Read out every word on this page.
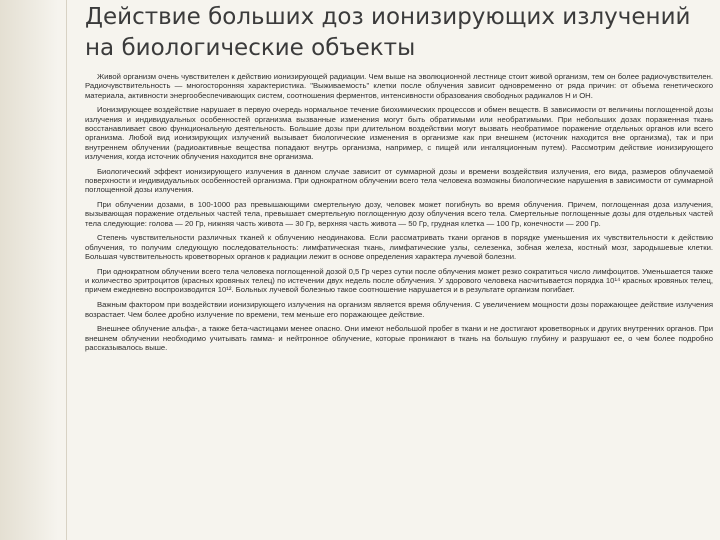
Действие больших доз ионизирующих излучений
на биологические объекты

Живой организм очень чувствителен к действию ионизирующей радиации. Чем выше на эволюционной лестнице стоит живой организм, тем он более радиочувствителен. Радиочувствительность — многосторонняя характеристика. "Выживаемость" клетки после облучения зависит одновременно от ряда причин: от объема генетического материала, активности энергообеспечивающих систем, соотношения ферментов, интенсивности образования свободных радикалов Н и ОН.

Ионизирующее воздействие нарушает в первую очередь нормальное течение биохимических процессов и обмен веществ. В зависимости от величины поглощенной дозы излучения и индивидуальных особенностей организма вызванные изменения могут быть обратимыми или необратимыми. При небольших дозах пораженная ткань восстанавливает свою функциональную деятельность. Большие дозы при длительном воздействии могут вызвать необратимое поражение отдельных органов или всего организма. Любой вид ионизирующих излучений вызывает биологические изменения в организме как при внешнем (источник находится вне организма), так и при внутреннем облучении (радиоактивные вещества попадают внутрь организма, например, с пищей или ингаляционным путем). Рассмотрим действие ионизирующего излучения, когда источник облучения находится вне организма.

Биологический эффект ионизирующего излучения в данном случае зависит от суммарной дозы и времени воздействия излучения, его вида, размеров облучаемой поверхности и индивидуальных особенностей организма. При однократном облучении всего тела человека возможны биологические нарушения в зависимости от суммарной поглощенной дозы излучения.

При облучении дозами, в 100-1000 раз превышающими смертельную дозу, человек может погибнуть во время облучения. Причем, поглощенная доза излучения, вызывающая поражение отдельных частей тела, превышает смертельную поглощенную дозу облучения всего тела. Смертельные поглощенные дозы для отдельных частей тела следующие: голова — 20 Гр, нижняя часть живота — 30 Гр, верхняя часть живота — 50 Гр, грудная клетка — 100 Гр, конечности — 200 Гр.

Степень чувствительности различных тканей к облучению неодинакова. Если рассматривать ткани органов в порядке уменьшения их чувствительности к действию облучения, то получим следующую последовательность: лимфатическая ткань, лимфатические узлы, селезенка, зобная железа, костный мозг, зародышевые клетки. Большая чувствительность кроветворных органов к радиации лежит в основе определения характера лучевой болезни.

При однократном облучении всего тела человека поглощенной дозой 0,5 Гр через сутки после облучения может резко сократиться число лимфоцитов. Уменьшается также и количество эритроцитов (красных кровяных телец) по истечении двух недель после облучения. У здорового человека насчитывается порядка 10¹⁴ красных кровяных телец, причем ежедневно воспроизводится 10¹². Больных лучевой болезнью такое соотношение нарушается и в результате организм погибает.

Важным фактором при воздействии ионизирующего излучения на организм является время облучения. С увеличением мощности дозы поражающее действие излучения возрастает. Чем более дробно излучение по времени, тем меньше его поражающее действие.

Внешнее облучение альфа-, а также бета-частицами менее опасно. Они имеют небольшой пробег в ткани и не достигают кроветворных и других внутренних органов. При внешнем облучении необходимо учитывать гамма- и нейтронное облучение, которые проникают в ткань на большую глубину и разрушают ее, о чем более подробно рассказывалось выше.
